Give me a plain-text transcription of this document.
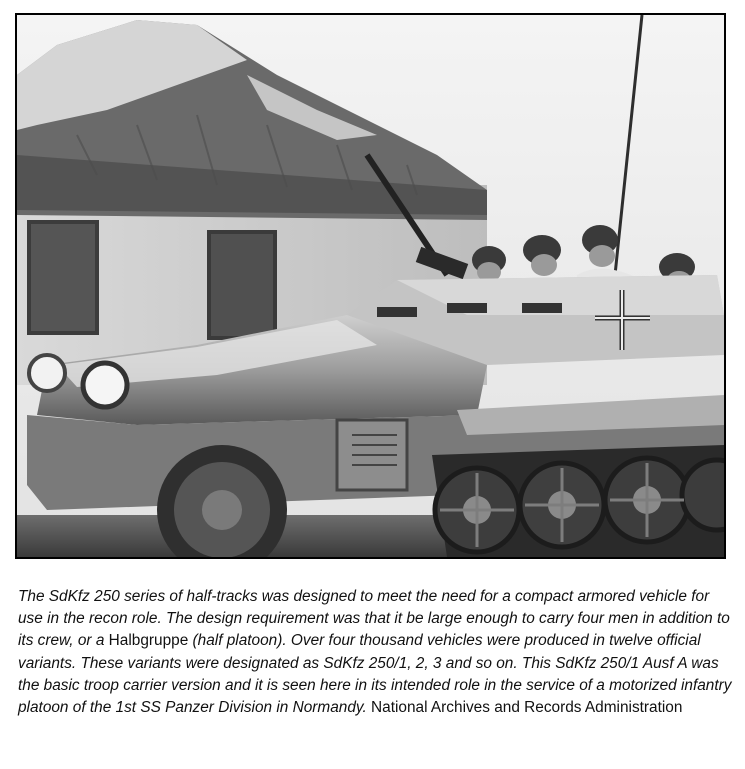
The SdKfz 250 series of half-tracks was designed to meet the need for a compact armored vehicle for use in the recon role. The design requirement was that it be large enough to carry four men in addition to its crew, or a Halbgruppe (half platoon). Over four thousand vehicles were produced in twelve official variants. These variants were designated as SdKfz 250/1, 2, 3 and so on. This SdKfz 250/1 Ausf A was the basic troop carrier version and it is seen here in its intended role in the service of a motorized infantry platoon of the 1st SS Panzer Division in Normandy. National Archives and Records Administration
